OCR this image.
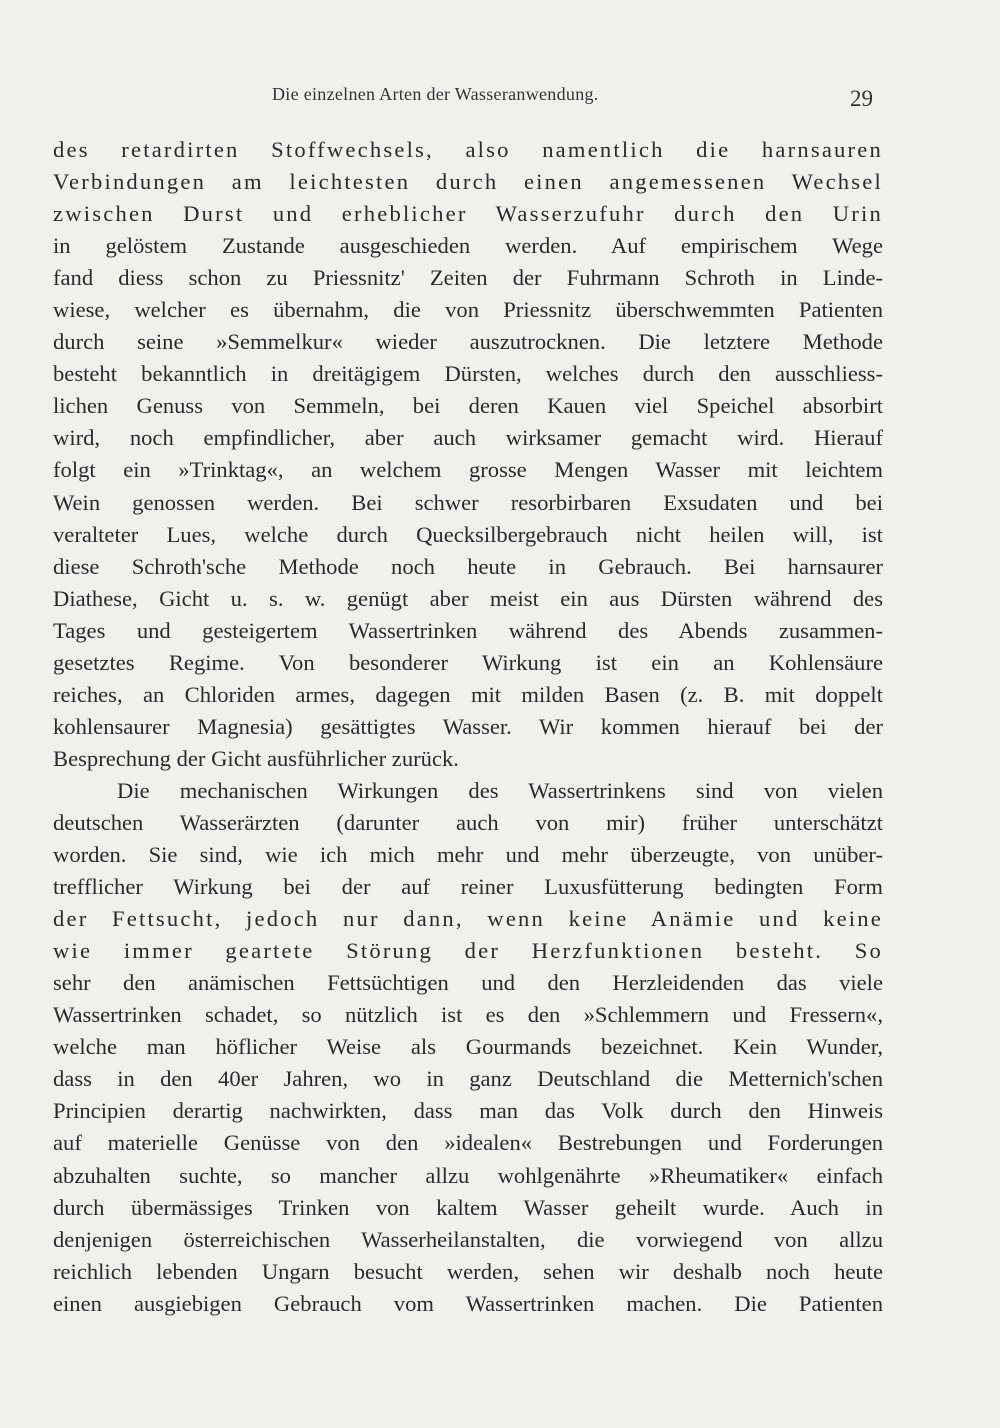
Die einzelnen Arten der Wasseranwendung.	29
des retardirten Stoffwechsels, also namentlich die harnsauren
Verbindungen am leichtesten durch einen angemessenen Wechsel
zwischen Durst und erheblicher Wasserzufuhr durch den Urin
in gelöstem Zustande ausgeschieden werden. Auf empirischem Wege
fand diess schon zu Priessnitz' Zeiten der Fuhrmann Schroth in Linde-
wiese, welcher es übernahm, die von Priessnitz überschwemmten Patienten
durch seine »Semmelkur« wieder auszutrocknen. Die letztere Methode
besteht bekanntlich in dreitägigem Dürsten, welches durch den ausschliess-
lichen Genuss von Semmeln, bei deren Kauen viel Speichel absorbirt
wird, noch empfindlicher, aber auch wirksamer gemacht wird. Hierauf
folgt ein »Trinktag«, an welchem grosse Mengen Wasser mit leichtem
Wein genossen werden. Bei schwer resorbirbaren Exsudaten und bei
veralteter Lues, welche durch Quecksilbergebrauch nicht heilen will, ist
diese Schroth'sche Methode noch heute in Gebrauch. Bei harnsaurer
Diathese, Gicht u. s. w. genügt aber meist ein aus Dürsten während des
Tages und gesteigertem Wassertrinken während des Abends zusammen-
gesetztes Regime. Von besonderer Wirkung ist ein an Kohlensäure
reiches, an Chloriden armes, dagegen mit milden Basen (z. B. mit doppelt
kohlensaurer Magnesia) gesättigtes Wasser. Wir kommen hierauf bei der
Besprechung der Gicht ausführlicher zurück.
Die mechanischen Wirkungen des Wassertrinkens sind von vielen
deutschen Wasserärzten (darunter auch von mir) früher unterschätzt
worden. Sie sind, wie ich mich mehr und mehr überzeugte, von unüber-
trefflicher Wirkung bei der auf reiner Luxusfütterung bedingten Form
der Fettsucht, jedoch nur dann, wenn keine Anämie und keine
wie immer geartete Störung der Herzfunktionen besteht. So
sehr den anämischen Fettsüchtigen und den Herzleidenden das viele
Wassertrinken schadet, so nützlich ist es den »Schlemmern und Fressern«,
welche man höflicher Weise als Gourmands bezeichnet. Kein Wunder,
dass in den 40er Jahren, wo in ganz Deutschland die Metternich'schen
Principien derartig nachwirkten, dass man das Volk durch den Hinweis
auf materielle Genüsse von den »idealen« Bestrebungen und Forderungen
abzuhalten suchte, so mancher allzu wohlgenährte »Rheumatiker« einfach
durch übermässiges Trinken von kaltem Wasser geheilt wurde. Auch in
denjenigen österreichischen Wasserheilanstalten, die vorwiegend von allzu
reichlich lebenden Ungarn besucht werden, sehen wir deshalb noch heute
einen ausgiebigen Gebrauch vom Wassertrinken machen. Die Patienten
